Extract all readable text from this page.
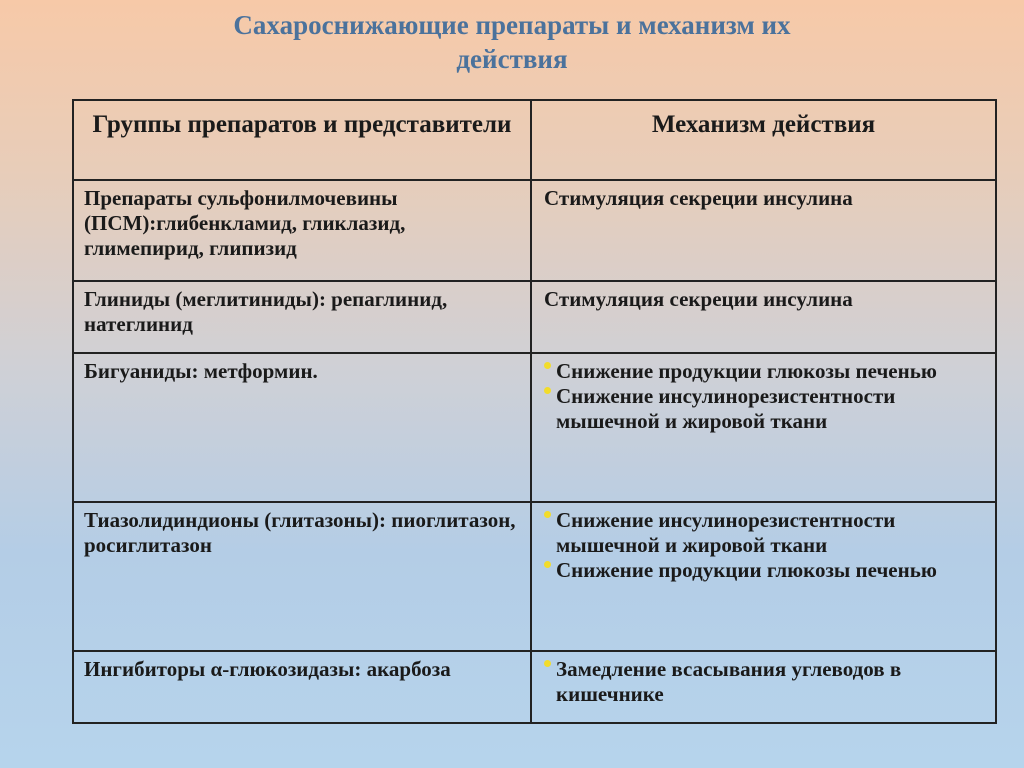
Сахароснижающие препараты и механизм их
действия
Группы препаратов и представители	Механизм действия
Препараты сульфонилмочевины (ПСМ):глибенкламид, гликлазид, глимепирид, глипизид	Стимуляция секреции инсулина
Глиниды (меглитиниды): репаглинид, натеглинид	Стимуляция секреции инсулина
Бигуаниды: метформин.	Снижение продукции глюкозы печенью
Снижение инсулинорезистентности мышечной и жировой ткани

Тиазолидиндионы (глитазоны): пиоглитазон, росиглитазон	Снижение инсулинорезистентности мышечной и жировой ткани
Снижение продукции глюкозы печенью

Ингибиторы α-глюкозидазы: акарбоза	Замедление всасывания углеводов в кишечнике
